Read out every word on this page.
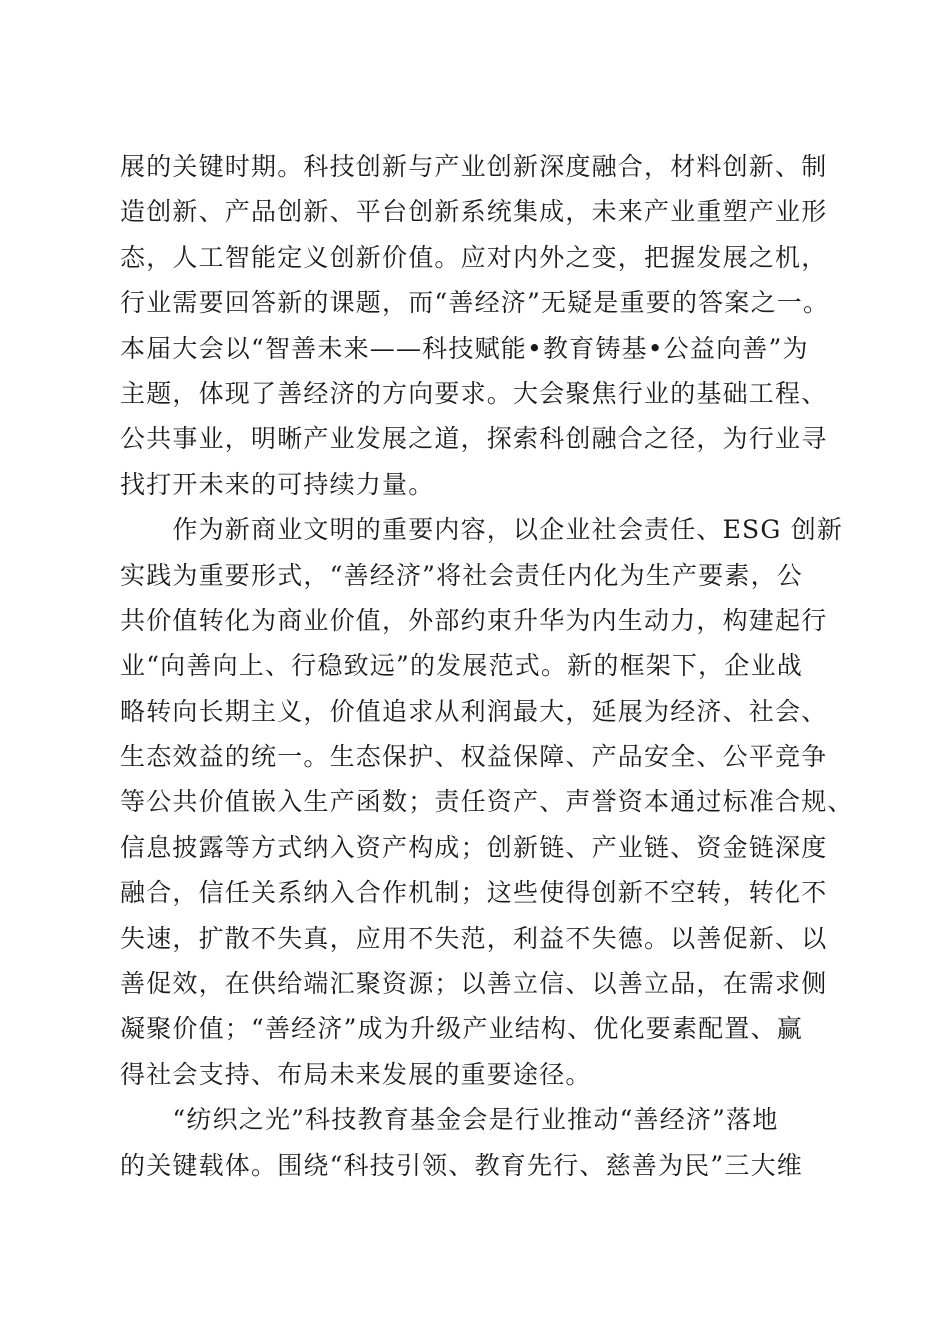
展的关键时期。科技创新与产业创新深度融合，材料创新、制
造创新、产品创新、平台创新系统集成，未来产业重塑产业形
态，人工智能定义创新价值。应对内外之变，把握发展之机，
行业需要回答新的课题，而“善经济”无疑是重要的答案之一。
本届大会以“智善未来——科技赋能•教育铸基•公益向善”为
主题，体现了善经济的方向要求。大会聚焦行业的基础工程、
公共事业，明晰产业发展之道，探索科创融合之径，为行业寻
找打开未来的可持续力量。
　　作为新商业文明的重要内容，以企业社会责任、ESG 创新
实践为重要形式，“善经济”将社会责任内化为生产要素，公
共价值转化为商业价值，外部约束升华为内生动力，构建起行
业“向善向上、行稳致远”的发展范式。新的框架下，企业战
略转向长期主义，价值追求从利润最大，延展为经济、社会、
生态效益的统一。生态保护、权益保障、产品安全、公平竞争
等公共价值嵌入生产函数；责任资产、声誉资本通过标准合规、
信息披露等方式纳入资产构成；创新链、产业链、资金链深度
融合，信任关系纳入合作机制；这些使得创新不空转，转化不
失速，扩散不失真，应用不失范，利益不失德。以善促新、以
善促效，在供给端汇聚资源；以善立信、以善立品，在需求侧
凝聚价值；“善经济”成为升级产业结构、优化要素配置、赢
得社会支持、布局未来发展的重要途径。
　　“纺织之光”科技教育基金会是行业推动“善经济”落地
的关键载体。围绕“科技引领、教育先行、慈善为民”三大维
